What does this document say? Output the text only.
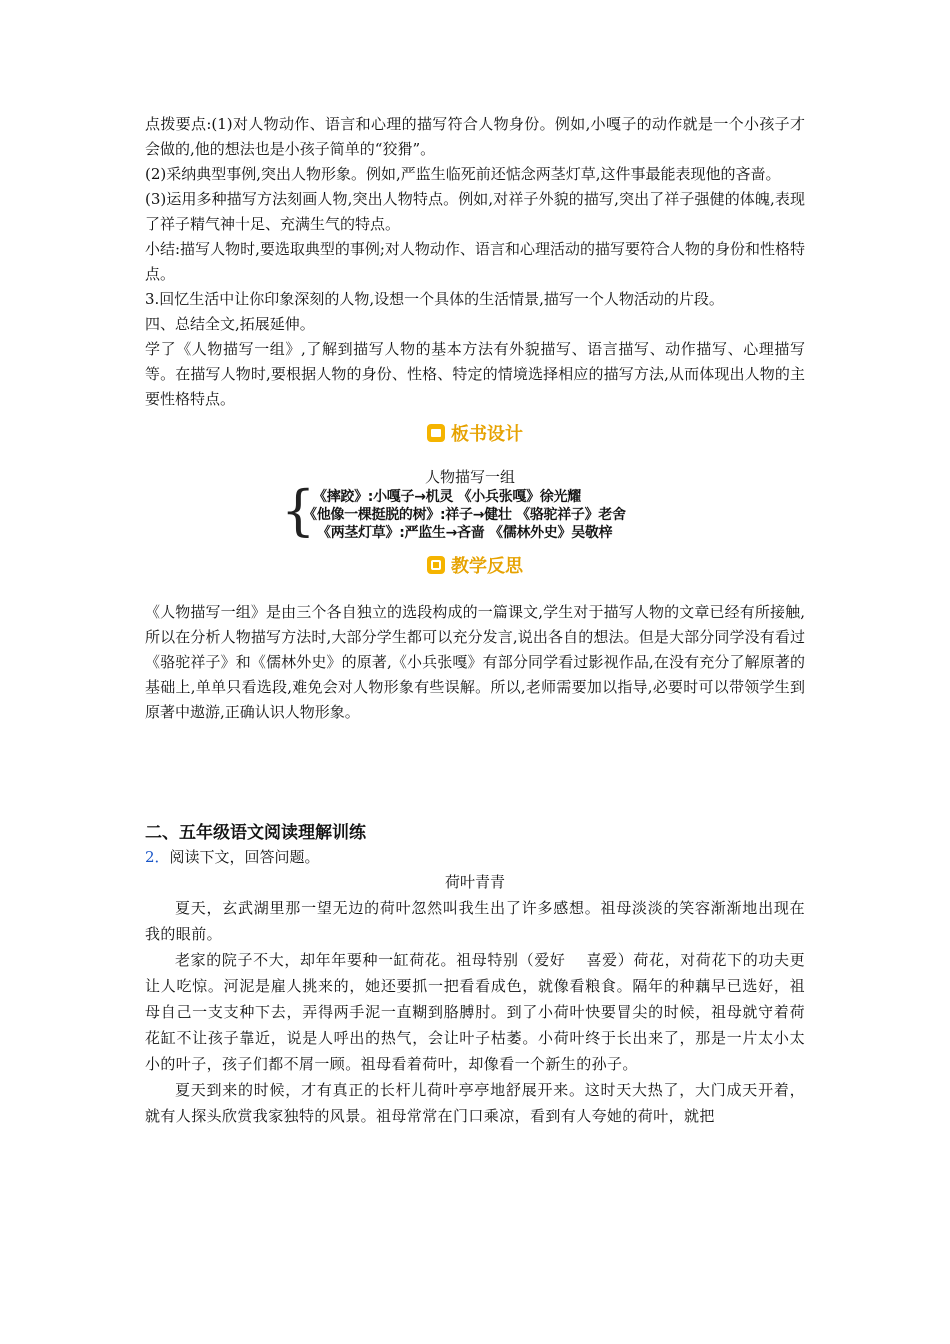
点拨要点:(1)对人物动作、语言和心理的描写符合人物身份。例如,小嘎子的动作就是一个小孩子才会做的,他的想法也是小孩子简单的“狡猾”。

(2)采纳典型事例,突出人物形象。例如,严监生临死前还惦念两茎灯草,这件事最能表现他的吝啬。

(3)运用多种描写方法刻画人物,突出人物特点。例如,对祥子外貌的描写,突出了祥子强健的体魄,表现了祥子精气神十足、充满生气的特点。

小结:描写人物时,要选取典型的事例;对人物动作、语言和心理活动的描写要符合人物的身份和性格特点。

3.回忆生活中让你印象深刻的人物,设想一个具体的生活情景,描写一个人物活动的片段。

四、总结全文,拓展延伸。

学了《人物描写一组》,了解到描写人物的基本方法有外貌描写、语言描写、动作描写、心理描写等。在描写人物时,要根据人物的身份、性格、特定的情境选择相应的描写方法,从而体现出人物的主要性格特点。

板书设计
人物描写一组
{
《摔跤》:小嘎子→机灵 《小兵张嘎》徐光耀
《他像一棵挺脱的树》:祥子→健壮 《骆驼祥子》老舍
《两茎灯草》:严监生→吝啬 《儒林外史》吴敬梓
教学反思

《人物描写一组》是由三个各自独立的选段构成的一篇课文,学生对于描写人物的文章已经有所接触,所以在分析人物描写方法时,大部分学生都可以充分发言,说出各自的想法。但是大部分同学没有看过《骆驼祥子》和《儒林外史》的原著,《小兵张嘎》有部分同学看过影视作品,在没有充分了解原著的基础上,单单只看选段,难免会对人物形象有些误解。所以,老师需要加以指导,必要时可以带领学生到原著中遨游,正确认识人物形象。

二、五年级语文阅读理解训练
2．阅读下文，回答问题。
荷叶青青

夏天，玄武湖里那一望无边的荷叶忽然叫我生出了许多感想。祖母淡淡的笑容渐渐地出现在我的眼前。

老家的院子不大，却年年要种一缸荷花。祖母特别（爱好　 喜爱）荷花，对荷花下的功夫更让人吃惊。河泥是雇人挑来的，她还要抓一把看看成色，就像看粮食。隔年的种藕早已选好，祖母自己一支支种下去，弄得两手泥一直糊到胳膊肘。到了小荷叶快要冒尖的时候，祖母就守着荷花缸不让孩子靠近，说是人呼出的热气，会让叶子枯萎。小荷叶终于长出来了，那是一片太小太小的叶子，孩子们都不屑一顾。祖母看着荷叶，却像看一个新生的孙子。

夏天到来的时候，才有真正的长杆儿荷叶亭亭地舒展开来。这时天大热了，大门成天开着，就有人探头欣赏我家独特的风景。祖母常常在门口乘凉，看到有人夸她的荷叶，就把
